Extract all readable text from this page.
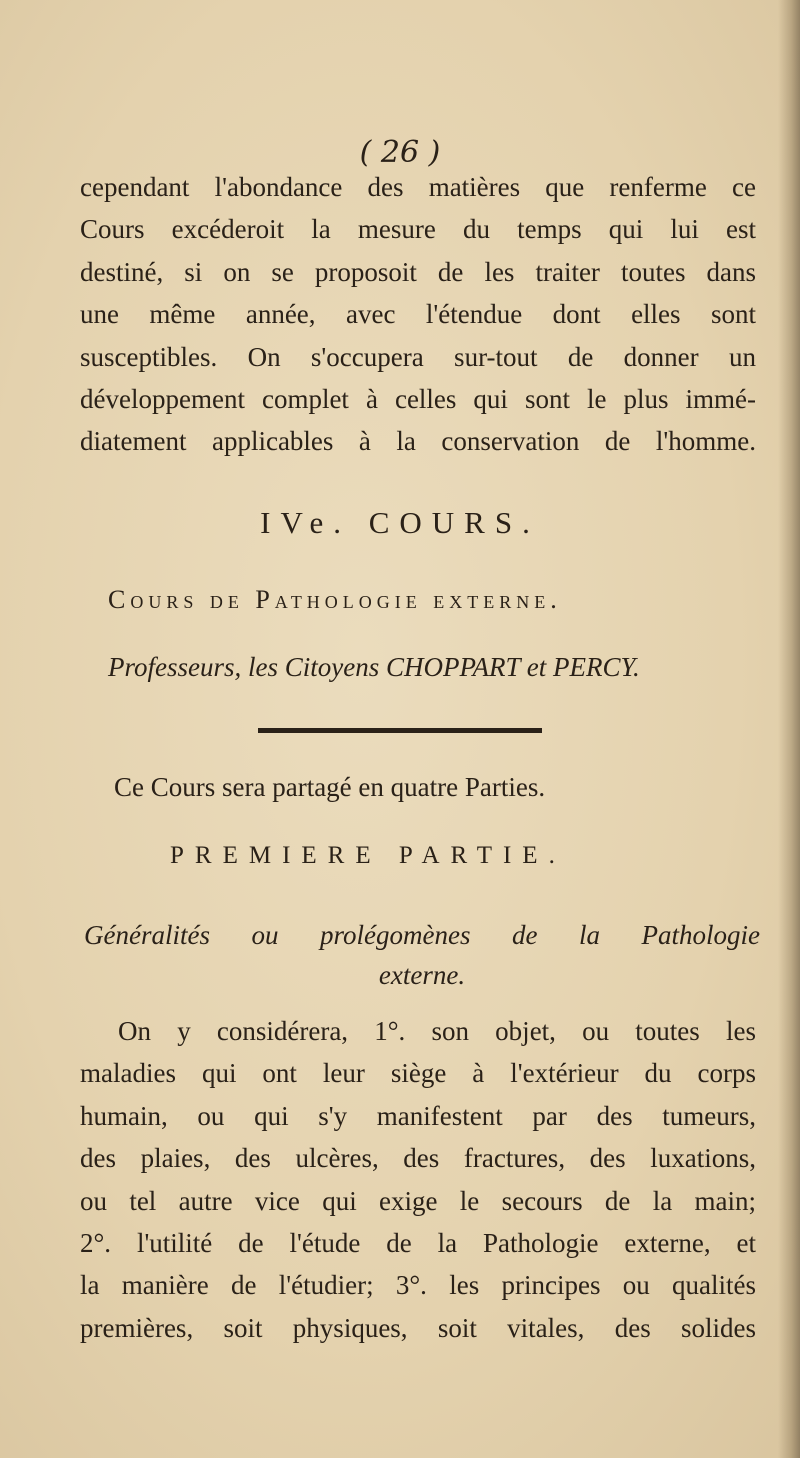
( 26 )
cependant l'abondance des matières que renferme ce
Cours excéderoit la mesure du temps qui lui est
destiné, si on se proposoit de les traiter toutes dans
une même année, avec l'étendue dont elles sont
susceptibles. On s'occupera sur-tout de donner un
développement complet à celles qui sont le plus immé-
diatement applicables à la conservation de l'homme.
IVe. COURS.
Cours de Pathologie externe.
Professeurs, les Citoyens CHOPPART et PERCY.
Ce Cours sera partagé en quatre Parties.
PREMIERE PARTIE.
Généralités ou prolégomènes de la Pathologie
externe.
On y considérera, 1°. son objet, ou toutes les
maladies qui ont leur siège à l'extérieur du corps
humain, ou qui s'y manifestent par des tumeurs,
des plaies, des ulcères, des fractures, des luxations,
ou tel autre vice qui exige le secours de la main;
2°. l'utilité de l'étude de la Pathologie externe, et
la manière de l'étudier; 3°. les principes ou qualités
premières, soit physiques, soit vitales, des solides
